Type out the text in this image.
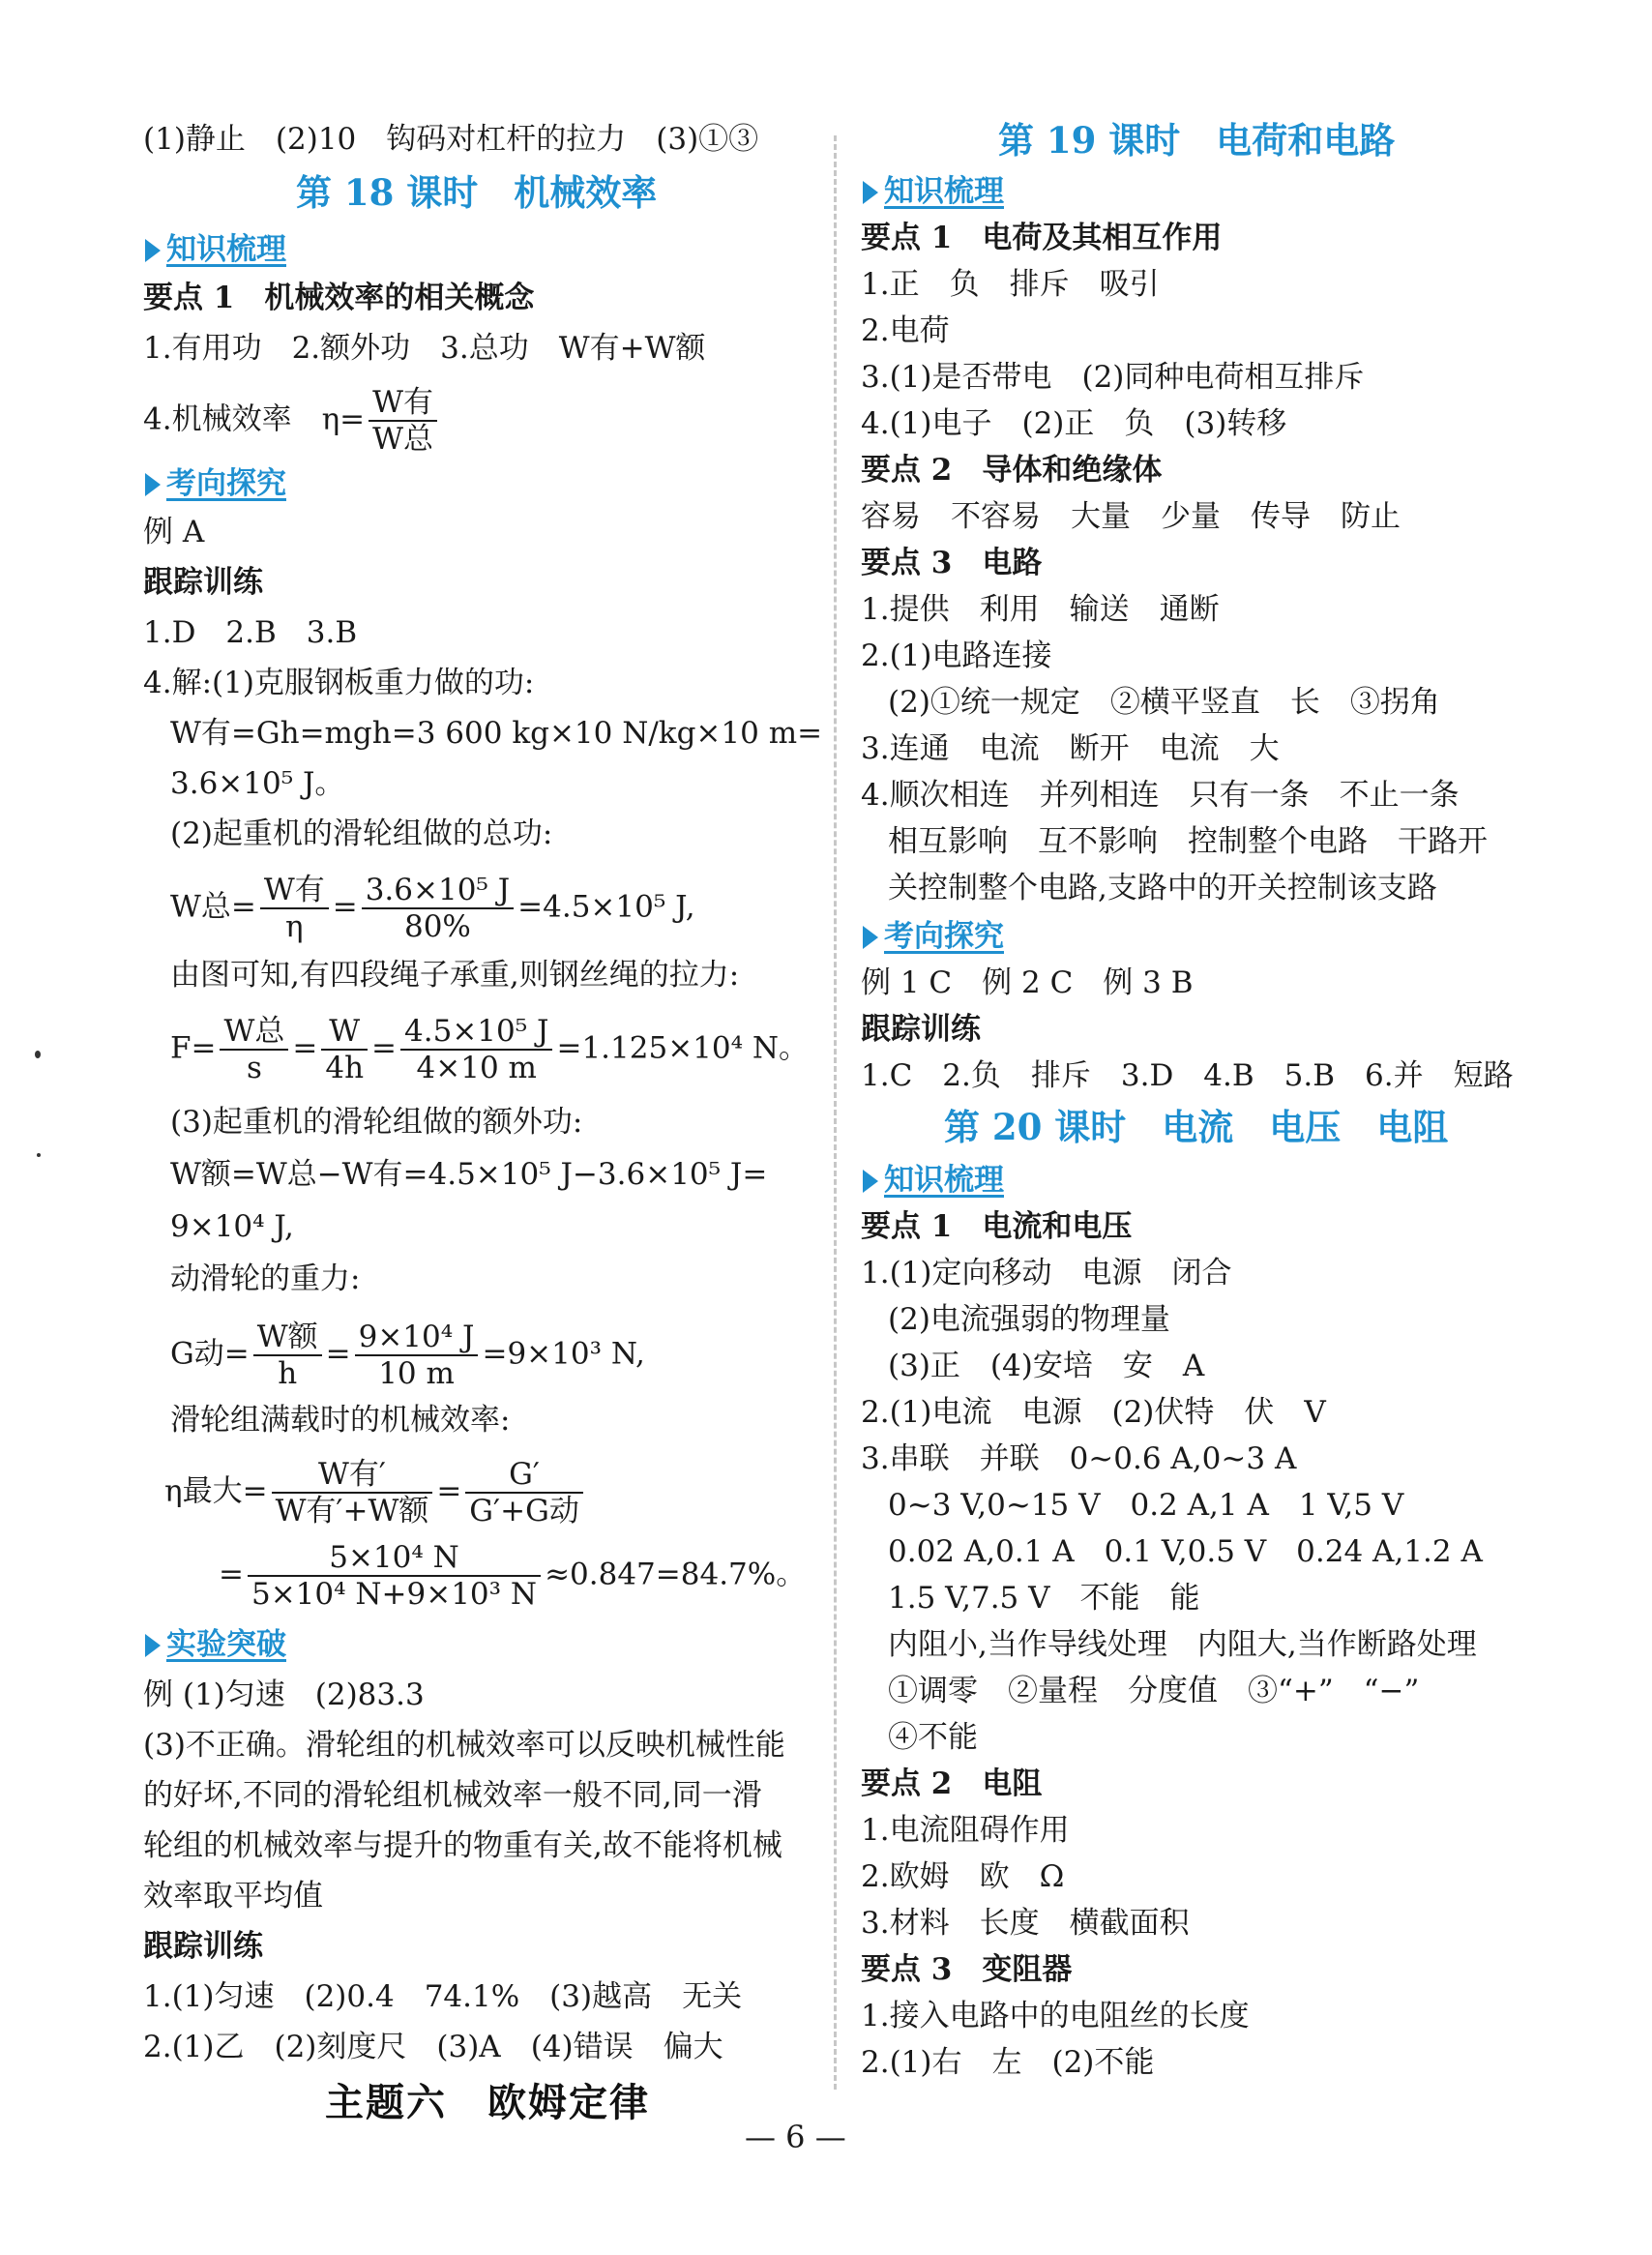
(1)静止　(2)10　钩码对杠杆的拉力　(3)①③
第 18 课时　机械效率
知识梳理
要点 1　机械效率的相关概念
1.有用功　2.额外功　3.总功　W有+W额
4.机械效率　$\eta= \frac{\text{W有}}{\text{W总}}$
考向探究
例 A
跟踪训练
1.D　2.B　3.B
4.解:(1)克服钢板重力做的功:
W有=Gh=mgh=3 600 kg×10 N/kg×10 m=
3.6×10⁵ J。
(2)起重机的滑轮组做的总功:
W总= $\frac{\text{W有}}{\eta} = \frac{\text{3.6×10⁵ J}}{80\%} =4.5\times 10^5$ J,
由图可知,有四段绳子承重,则钢丝绳的拉力:
$F= \frac{\text{W总}}{s} = \frac{W}{4h} = \frac{\text{4.5×10⁵ J}}{4\times 10 m} =1.125\times 10^4$ N。
(3)起重机的滑轮组做的额外功:
W额=W总−W有=4.5×10⁵ J−3.6×10⁵ J=
9×10⁴ J,
动滑轮的重力:
G动= $\frac{\text{W额}}{h} = \frac{\text{9×10⁴ J}}{10 m} =9\times 10^3$ N,
滑轮组满载时的机械效率:
η最大= $\frac{\text{W有′}}{\text{W有′+W额}} = \frac{G'}{\text{G′+G动}}$
= $\frac{\text{5×10⁴ N}}{\text{5×10⁴ N+9×10³ N}} \approx 0.847=84.7\%$。
实验突破
例 (1)匀速　(2)83.3
(3)不正确。滑轮组的机械效率可以反映机械性能
的好坏,不同的滑轮组机械效率一般不同,同一滑
轮组的机械效率与提升的物重有关,故不能将机械
效率取平均值
跟踪训练
1.(1)匀速　(2)0.4　74.1%　(3)越高　无关
2.(1)乙　(2)刻度尺　(3)A　(4)错误　偏大
主题六　欧姆定律
第 19 课时　电荷和电路
知识梳理
要点 1　电荷及其相互作用
1.正　负　排斥　吸引
2.电荷
3.(1)是否带电　(2)同种电荷相互排斥
4.(1)电子　(2)正　负　(3)转移
要点 2　导体和绝缘体
容易　不容易　大量　少量　传导　防止
要点 3　电路
1.提供　利用　输送　通断
2.(1)电路连接
(2)①统一规定　②横平竖直　长　③拐角
3.连通　电流　断开　电流　大
4.顺次相连　并列相连　只有一条　不止一条
相互影响　互不影响　控制整个电路　干路开
关控制整个电路,支路中的开关控制该支路
考向探究
例 1 C　例 2 C　例 3 B
跟踪训练
1.C　2.负　排斥　3.D　4.B　5.B　6.并　短路
第 20 课时　电流　电压　电阻
知识梳理
要点 1　电流和电压
1.(1)定向移动　电源　闭合
(2)电流强弱的物理量
(3)正　(4)安培　安　A
2.(1)电流　电源　(2)伏特　伏　V
3.串联　并联　0~0.6 A,0~3 A
0~3 V,0~15 V　0.2 A,1 A　1 V,5 V
0.02 A,0.1 A　0.1 V,0.5 V　0.24 A,1.2 A
1.5 V,7.5 V　不能　能
内阻小,当作导线处理　内阻大,当作断路处理
①调零　②量程　分度值　③“+”　“−”
④不能
要点 2　电阻
1.电流阻碍作用
2.欧姆　欧　Ω
3.材料　长度　横截面积
要点 3　变阻器
1.接入电路中的电阻丝的长度
2.(1)右　左　(2)不能
— 6 —
